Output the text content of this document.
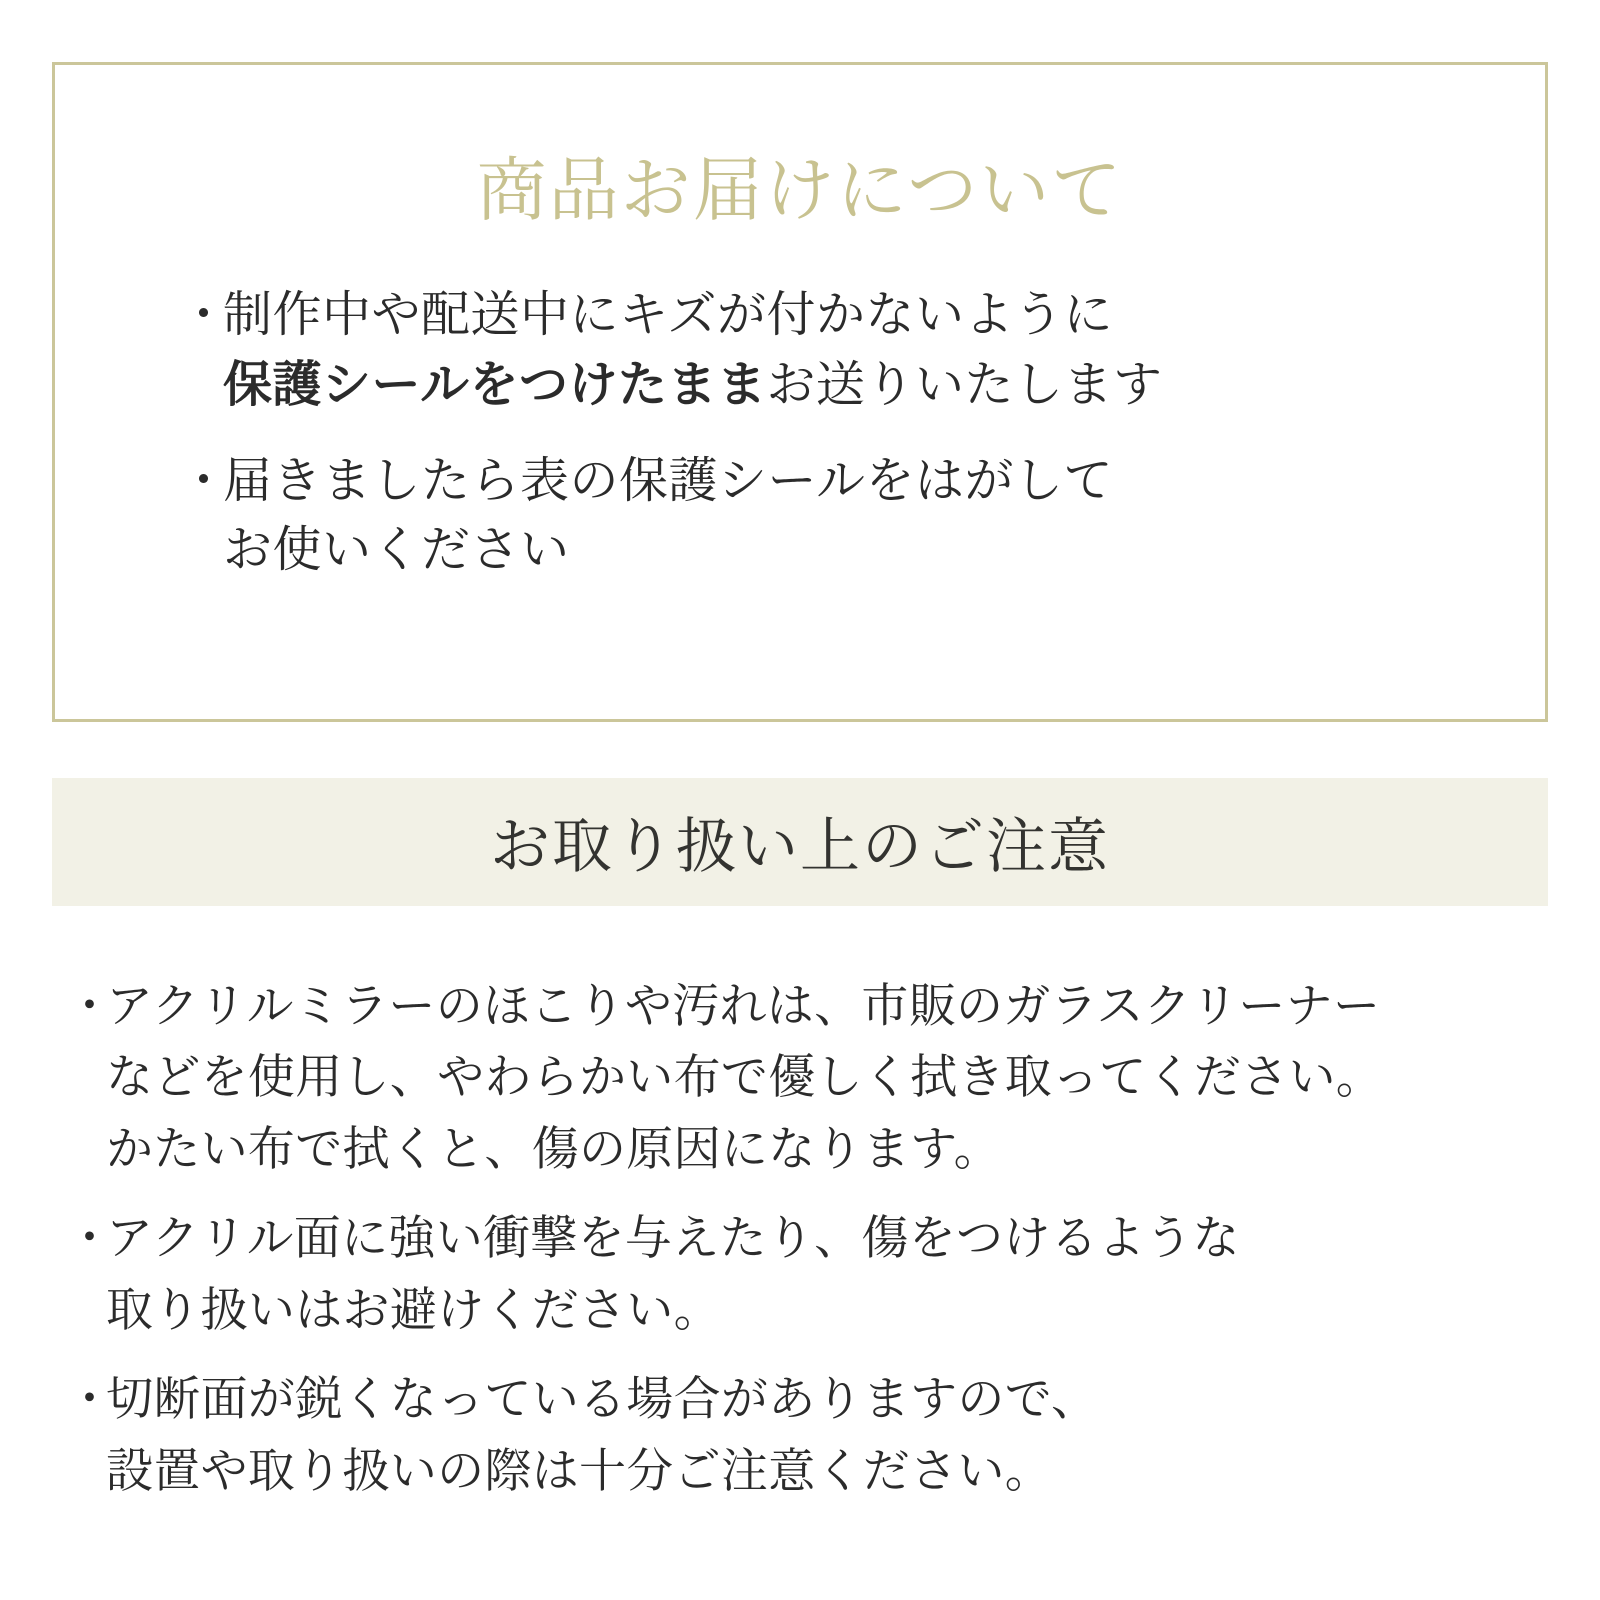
商品お届けについて
・
制作中や配送中にキズが付かないように
保護シールをつけたままお送りいたします
・
届きましたら表の保護シールをはがして
お使いください
お取り扱い上のご注意
・
アクリルミラーのほこりや汚れは、市販のガラスクリーナー
などを使用し、やわらかい布で優しく拭き取ってください。
かたい布で拭くと、傷の原因になります。
・
アクリル面に強い衝撃を与えたり、傷をつけるような
取り扱いはお避けください。
・
切断面が鋭くなっている場合がありますので、
設置や取り扱いの際は十分ご注意ください。
